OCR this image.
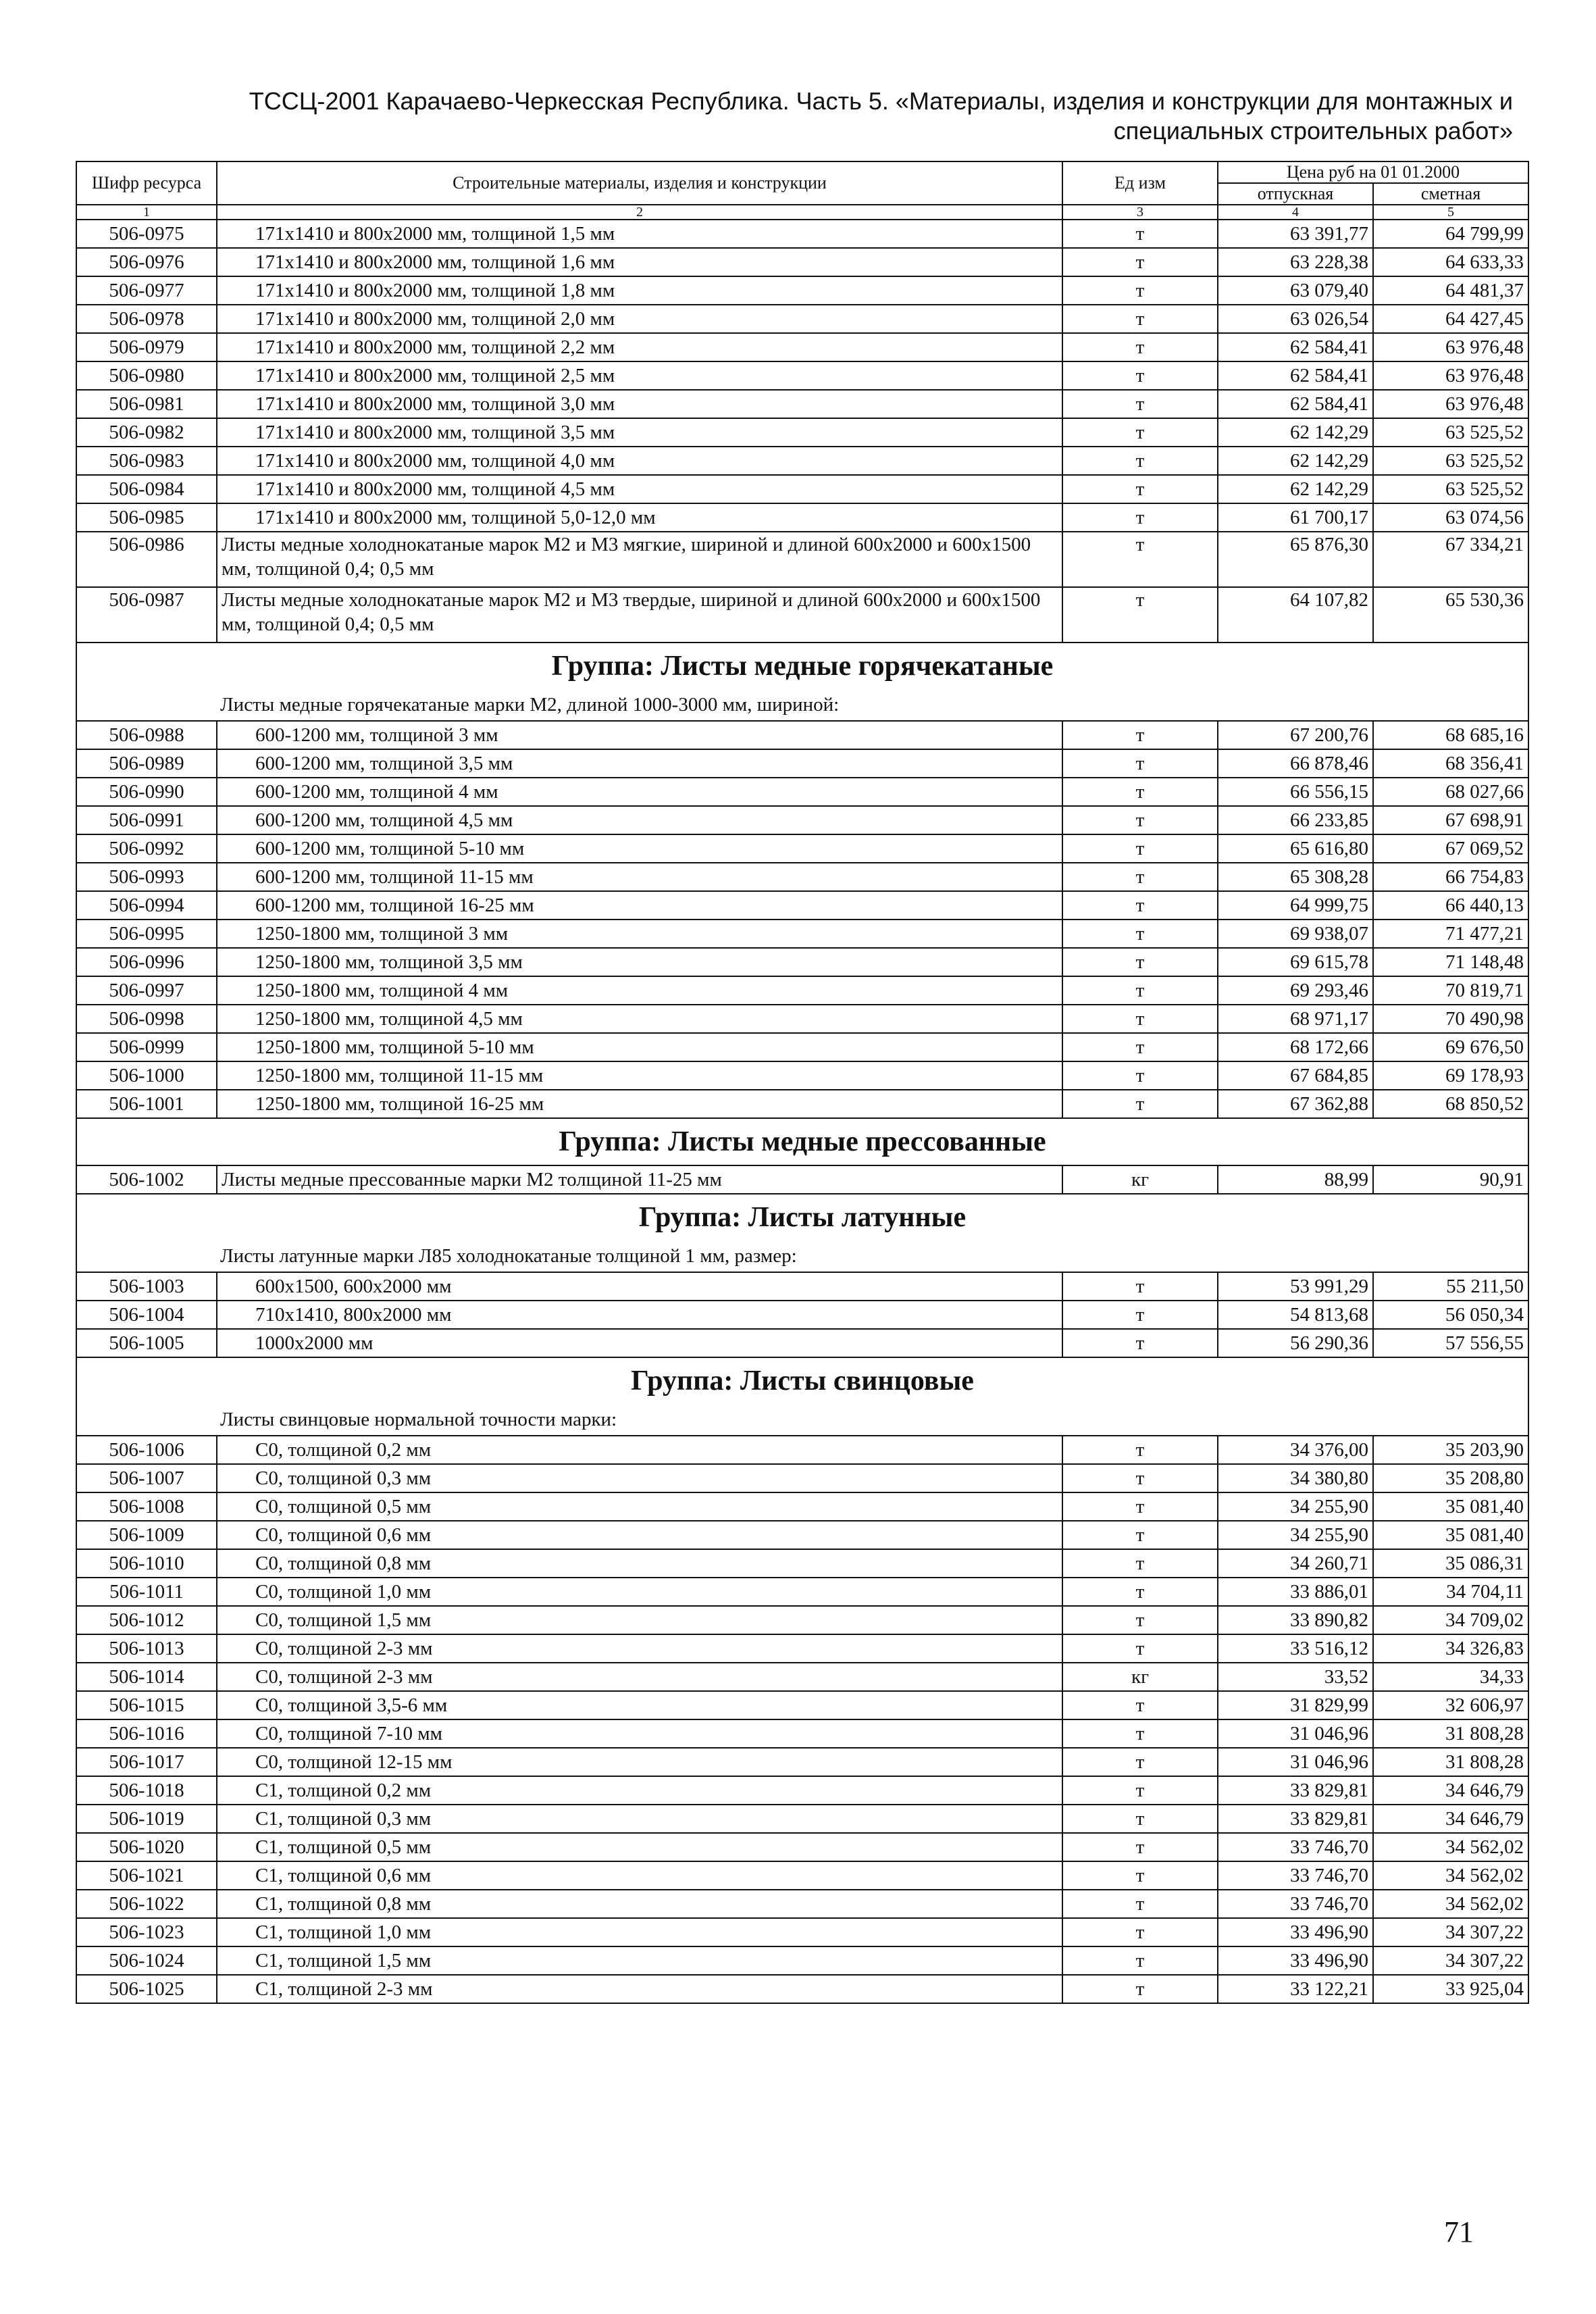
ТССЦ-2001 Карачаево-Черкесская Республика. Часть 5. «Материалы, изделия и конструкции для монтажных и
специальных строительных работ»
Шифр ресурса	Строительные материалы, изделия и конструкции	Ед изм	Цена руб на 01 01.2000	
			отпускная	сметная
1	2	3	4	5
506-0975	171x1410 и 800x2000 мм, толщиной 1,5 мм	т	63 391,77	64 799,99
506-0976	171x1410 и 800x2000 мм, толщиной 1,6 мм	т	63 228,38	64 633,33
506-0977	171x1410 и 800x2000 мм, толщиной 1,8 мм	т	63 079,40	64 481,37
506-0978	171x1410 и 800x2000 мм, толщиной 2,0 мм	т	63 026,54	64 427,45
506-0979	171x1410 и 800x2000 мм, толщиной 2,2 мм	т	62 584,41	63 976,48
506-0980	171x1410 и 800x2000 мм, толщиной 2,5 мм	т	62 584,41	63 976,48
506-0981	171x1410 и 800x2000 мм, толщиной 3,0 мм	т	62 584,41	63 976,48
506-0982	171x1410 и 800x2000 мм, толщиной 3,5 мм	т	62 142,29	63 525,52
506-0983	171x1410 и 800x2000 мм, толщиной 4,0 мм	т	62 142,29	63 525,52
506-0984	171x1410 и 800x2000 мм, толщиной 4,5 мм	т	62 142,29	63 525,52
506-0985	171x1410 и 800x2000 мм, толщиной 5,0-12,0 мм	т	61 700,17	63 074,56
506-0986	Листы медные холоднокатаные марок М2 и М3 мягкие, шириной и длиной 600x2000 и 600x1500 мм, толщиной 0,4; 0,5 мм	т	65 876,30	67 334,21
506-0987	Листы медные холоднокатаные марок М2 и М3 твердые, шириной и длиной 600x2000 и 600x1500 мм, толщиной 0,4; 0,5 мм	т	64 107,82	65 530,36
Группа: Листы медные горячекатаные				
Листы медные горячекатаные марки М2, длиной 1000-3000 мм, шириной:				
506-0988	600-1200 мм, толщиной 3 мм	т	67 200,76	68 685,16
506-0989	600-1200 мм, толщиной 3,5 мм	т	66 878,46	68 356,41
506-0990	600-1200 мм, толщиной 4 мм	т	66 556,15	68 027,66
506-0991	600-1200 мм, толщиной 4,5 мм	т	66 233,85	67 698,91
506-0992	600-1200 мм, толщиной 5-10 мм	т	65 616,80	67 069,52
506-0993	600-1200 мм, толщиной 11-15 мм	т	65 308,28	66 754,83
506-0994	600-1200 мм, толщиной 16-25 мм	т	64 999,75	66 440,13
506-0995	1250-1800 мм, толщиной 3 мм	т	69 938,07	71 477,21
506-0996	1250-1800 мм, толщиной 3,5 мм	т	69 615,78	71 148,48
506-0997	1250-1800 мм, толщиной 4 мм	т	69 293,46	70 819,71
506-0998	1250-1800 мм, толщиной 4,5 мм	т	68 971,17	70 490,98
506-0999	1250-1800 мм, толщиной 5-10 мм	т	68 172,66	69 676,50
506-1000	1250-1800 мм, толщиной 11-15 мм	т	67 684,85	69 178,93
506-1001	1250-1800 мм, толщиной 16-25 мм	т	67 362,88	68 850,52
Группа: Листы медные прессованные				
506-1002	Листы медные прессованные марки М2 толщиной 11-25 мм	кг	88,99	90,91
Группа: Листы латунные				
Листы латунные марки Л85 холоднокатаные толщиной 1 мм, размер:				
506-1003	600x1500, 600x2000 мм	т	53 991,29	55 211,50
506-1004	710x1410, 800x2000 мм	т	54 813,68	56 050,34
506-1005	1000x2000 мм	т	56 290,36	57 556,55
Группа: Листы свинцовые				
Листы свинцовые нормальной точности марки:				
506-1006	С0, толщиной 0,2 мм	т	34 376,00	35 203,90
506-1007	С0, толщиной 0,3 мм	т	34 380,80	35 208,80
506-1008	С0, толщиной 0,5 мм	т	34 255,90	35 081,40
506-1009	С0, толщиной 0,6 мм	т	34 255,90	35 081,40
506-1010	С0, толщиной 0,8 мм	т	34 260,71	35 086,31
506-1011	С0, толщиной 1,0 мм	т	33 886,01	34 704,11
506-1012	С0, толщиной 1,5 мм	т	33 890,82	34 709,02
506-1013	С0, толщиной 2-3 мм	т	33 516,12	34 326,83
506-1014	С0, толщиной 2-3 мм	кг	33,52	34,33
506-1015	С0, толщиной 3,5-6 мм	т	31 829,99	32 606,97
506-1016	С0, толщиной 7-10 мм	т	31 046,96	31 808,28
506-1017	С0, толщиной 12-15 мм	т	31 046,96	31 808,28
506-1018	С1, толщиной 0,2 мм	т	33 829,81	34 646,79
506-1019	С1, толщиной 0,3 мм	т	33 829,81	34 646,79
506-1020	С1, толщиной 0,5 мм	т	33 746,70	34 562,02
506-1021	С1, толщиной 0,6 мм	т	33 746,70	34 562,02
506-1022	С1, толщиной 0,8 мм	т	33 746,70	34 562,02
506-1023	С1, толщиной 1,0 мм	т	33 496,90	34 307,22
506-1024	С1, толщиной 1,5 мм	т	33 496,90	34 307,22
506-1025	С1, толщиной 2-3 мм	т	33 122,21	33 925,04
71
